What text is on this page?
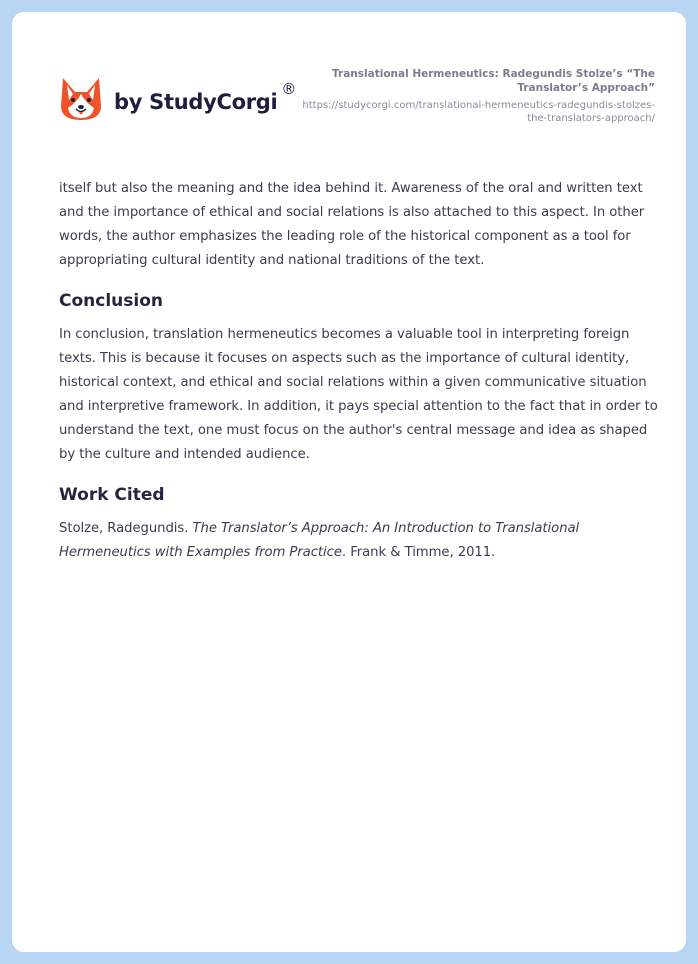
by StudyCorgi
®
Translational Hermeneutics: Radegundis Stolze’s “The Translator’s Approach”
https://studycorgi.com/translational-hermeneutics-radegundis-stolzes-the-translators-approach/

itself but also the meaning and the idea behind it. Awareness of the oral and written text and the importance of ethical and social relations is also attached to this aspect. In other words, the author emphasizes the leading role of the historical component as a tool for appropriating cultural identity and national traditions of the text.

Conclusion

In conclusion, translation hermeneutics becomes a valuable tool in interpreting foreign texts. This is because it focuses on aspects such as the importance of cultural identity, historical context, and ethical and social relations within a given communicative situation and interpretive framework. In addition, it pays special attention to the fact that in order to understand the text, one must focus on the author's central message and idea as shaped by the culture and intended audience.

Work Cited

Stolze, Radegundis. The Translator’s Approach: An Introduction to Translational Hermeneutics with Examples from Practice. Frank & Timme, 2011.
